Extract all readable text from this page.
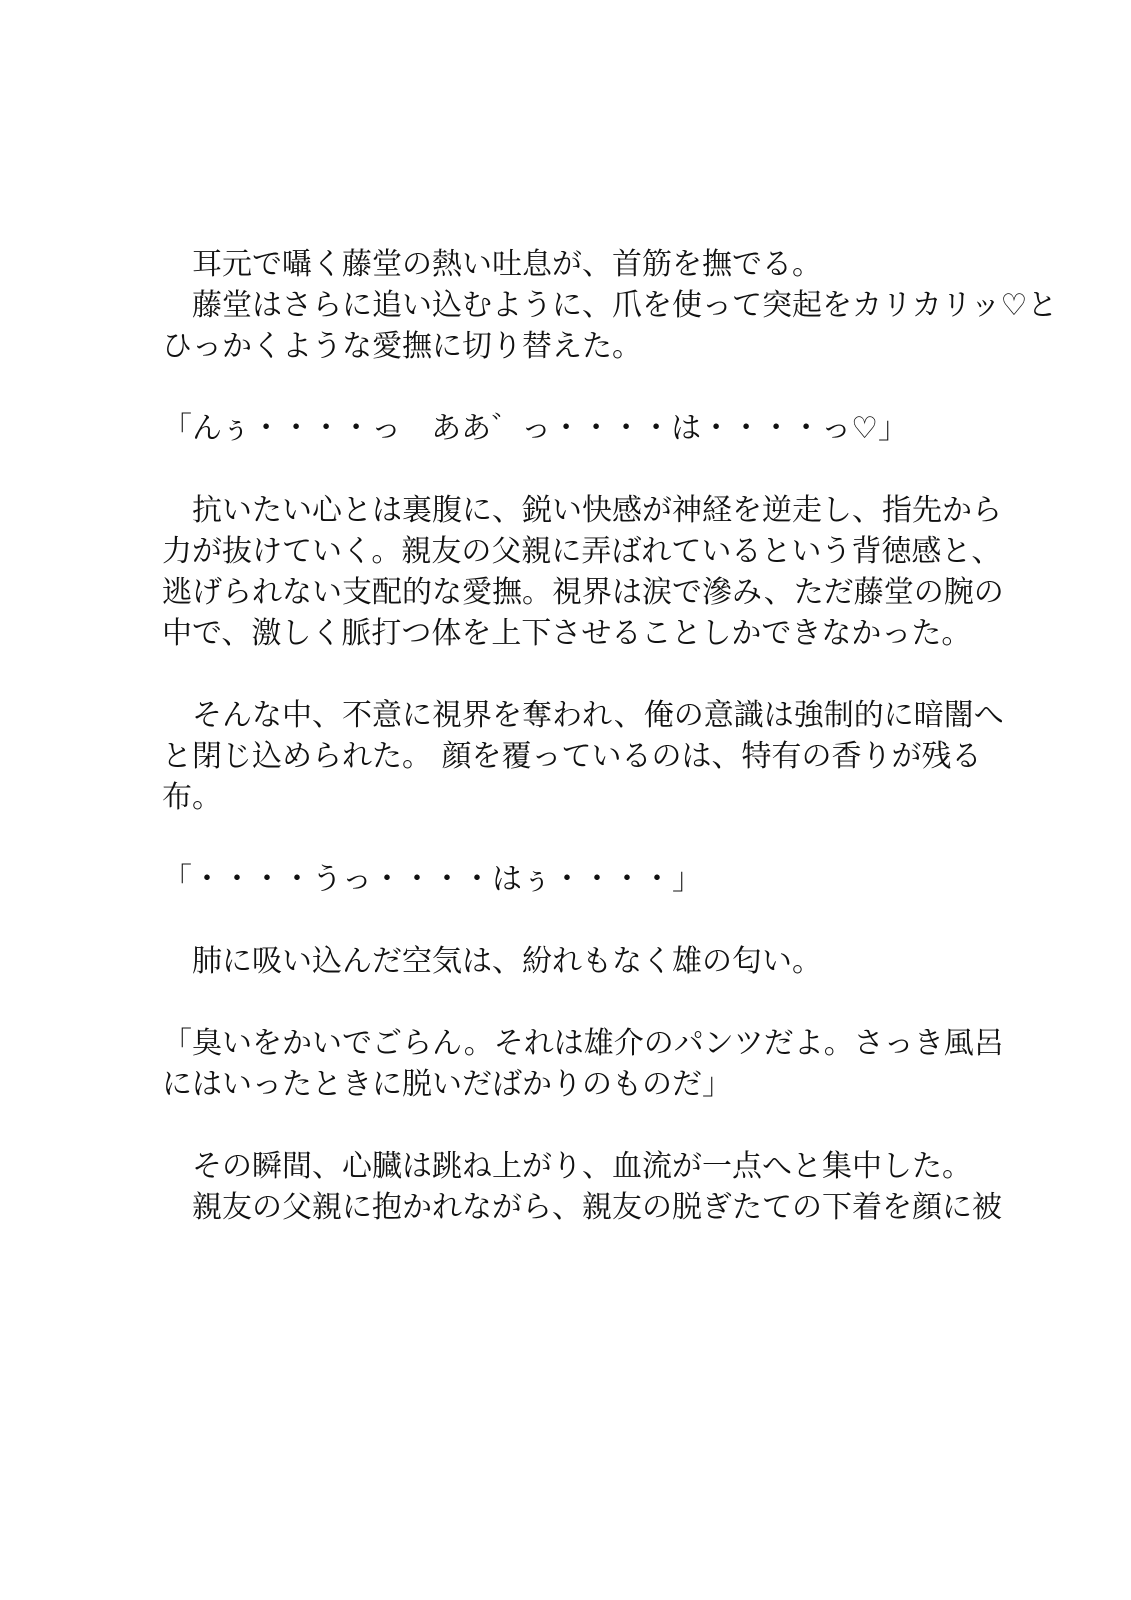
　耳元で囁く藤堂の熱い吐息が、首筋を撫でる。
　藤堂はさらに追い込むように、爪を使って突起をカリカリッ♡と
ひっかくような愛撫に切り替えた。
「んぅ・・・・っ　ああ゛っ・・・・は・・・・っ♡」
　抗いたい心とは裏腹に、鋭い快感が神経を逆走し、指先から
力が抜けていく。親友の父親に弄ばれているという背徳感と、
逃げられない支配的な愛撫。視界は涙で滲み、ただ藤堂の腕の
中で、激しく脈打つ体を上下させることしかできなかった。
　そんな中、不意に視界を奪われ、俺の意識は強制的に暗闇へ
と閉じ込められた。 顔を覆っているのは、特有の香りが残る
布。
「・・・・うっ・・・・はぅ・・・・」
　肺に吸い込んだ空気は、紛れもなく雄の匂い。
「臭いをかいでごらん。それは雄介のパンツだよ。さっき風呂
にはいったときに脱いだばかりのものだ」
　その瞬間、心臓は跳ね上がり、血流が一点へと集中した。
　親友の父親に抱かれながら、親友の脱ぎたての下着を顔に被
